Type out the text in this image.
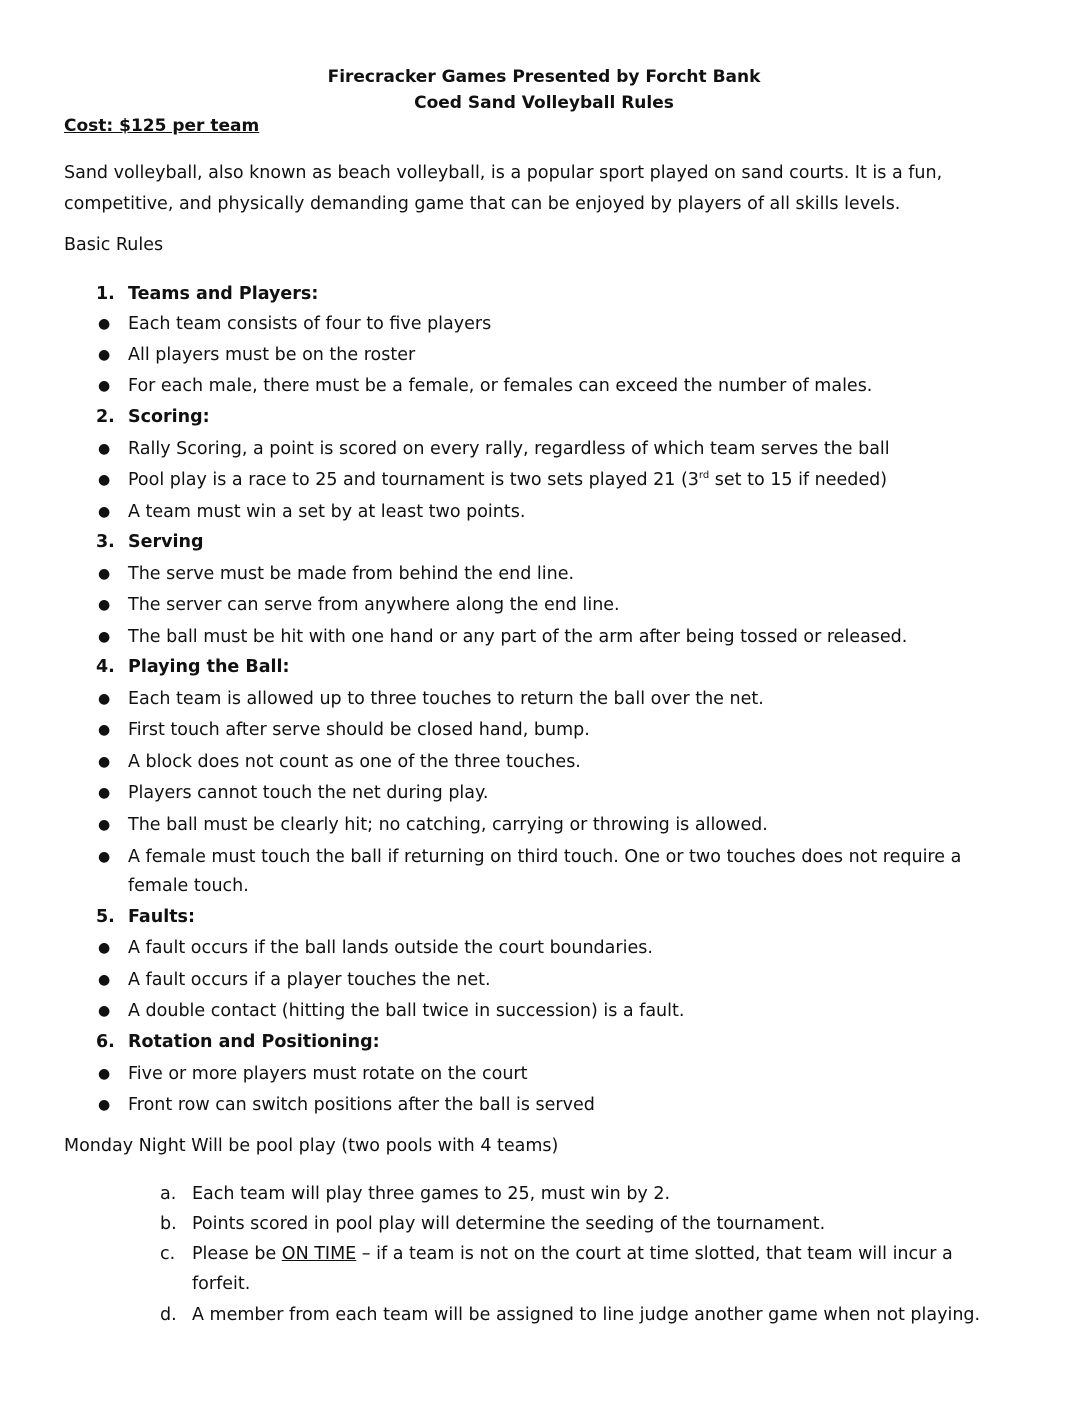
Firecracker Games Presented by Forcht Bank
Coed Sand Volleyball Rules
Cost: $125 per team
Sand volleyball, also known as beach volleyball, is a popular sport played on sand courts. It is a fun, competitive, and physically demanding game that can be enjoyed by players of all skills levels.
Basic Rules
1. Teams and Players:
● Each team consists of four to five players
● All players must be on the roster
● For each male, there must be a female, or females can exceed the number of males.
2. Scoring:
● Rally Scoring, a point is scored on every rally, regardless of which team serves the ball
● Pool play is a race to 25 and tournament is two sets played 21 (3rd set to 15 if needed)
● A team must win a set by at least two points.
3. Serving
● The serve must be made from behind the end line.
● The server can serve from anywhere along the end line.
● The ball must be hit with one hand or any part of the arm after being tossed or released.
4. Playing the Ball:
● Each team is allowed up to three touches to return the ball over the net.
● First touch after serve should be closed hand, bump.
● A block does not count as one of the three touches.
● Players cannot touch the net during play.
● The ball must be clearly hit; no catching, carrying or throwing is allowed.
● A female must touch the ball if returning on third touch. One or two touches does not require a
female touch.
5. Faults:
● A fault occurs if the ball lands outside the court boundaries.
● A fault occurs if a player touches the net.
● A double contact (hitting the ball twice in succession) is a fault.
6. Rotation and Positioning:
● Five or more players must rotate on the court
● Front row can switch positions after the ball is served
Monday Night Will be pool play (two pools with 4 teams)
a. Each team will play three games to 25, must win by 2.
b. Points scored in pool play will determine the seeding of the tournament.
c. Please be ON TIME – if a team is not on the court at time slotted, that team will incur a
forfeit.
d. A member from each team will be assigned to line judge another game when not playing.
